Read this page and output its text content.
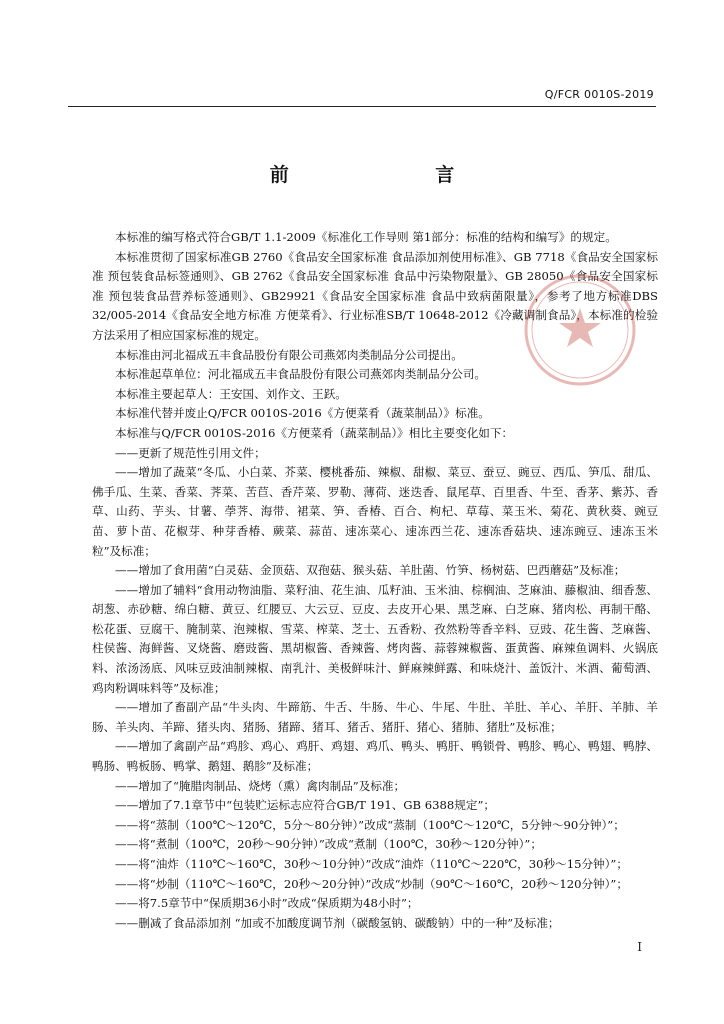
Q/FCR 0010S-2019
前 言

本标准的编写格式符合GB/T 1.1-2009《标准化工作导则 第1部分：标准的结构和编写》的规定。

本标准贯彻了国家标准GB 2760《食品安全国家标准 食品添加剂使用标准》、GB 7718《食品安全国家标准 预包装食品标签通则》、GB 2762《食品安全国家标准 食品中污染物限量》、GB 28050《食品安全国家标准 预包装食品营养标签通则》、GB29921《食品安全国家标准 食品中致病菌限量》，参考了地方标准DBS 32/005-2014《食品安全地方标准 方便菜肴》、行业标准SB/T 10648-2012《冷藏调制食品》，本标准的检验方法采用了相应国家标准的规定。

本标准由河北福成五丰食品股份有限公司燕郊肉类制品分公司提出。

本标准起草单位：河北福成五丰食品股份有限公司燕郊肉类制品分公司。

本标准主要起草人：王安国、刘作文、王跃。

本标准代替并废止Q/FCR 0010S-2016《方便菜肴（蔬菜制品）》标准。

本标准与Q/FCR 0010S-2016《方便菜肴（蔬菜制品）》相比主要变化如下：

——更新了规范性引用文件；

——增加了蔬菜“冬瓜、小白菜、芥菜、樱桃番茄、辣椒、甜椒、菜豆、蚕豆、豌豆、西瓜、笋瓜、甜瓜、佛手瓜、生菜、香菜、荠菜、苦苣、香芹菜、罗勒、薄荷、迷迭香、鼠尾草、百里香、牛至、香茅、紫苏、香草、山药、芋头、甘薯、荸荠、海带、裙菜、笋、香椿、百合、枸杞、草莓、菜玉米、菊花、黄秋葵、豌豆苗、萝卜苗、花椒芽、种芽香椿、蕨菜、蒜苗、速冻菜心、速冻西兰花、速冻香菇块、速冻豌豆、速冻玉米粒”及标准；

——增加了食用菌“白灵菇、金顶菇、双孢菇、猴头菇、羊肚菌、竹笋、杨树菇、巴西蘑菇”及标准；

——增加了辅料“食用动物油脂、菜籽油、花生油、瓜籽油、玉米油、棕榈油、芝麻油、藤椒油、细香葱、胡葱、赤砂糖、绵白糖、黄豆、红腰豆、大云豆、豆皮、去皮开心果、黑芝麻、白芝麻、猪肉松、再制干酪、松花蛋、豆腐干、腌制菜、泡辣椒、雪菜、榨菜、芝士、五香粉、孜然粉等香辛料、豆豉、花生酱、芝麻酱、柱侯酱、海鲜酱、叉烧酱、磨豉酱、黑胡椒酱、香辣酱、烤肉酱、蒜蓉辣椒酱、蛋黄酱、麻辣鱼调料、火锅底料、浓汤汤底、风味豆豉油制辣椒、南乳汁、美极鲜味汁、鲜麻辣鲜露、和味烧汁、盖饭汁、米酒、葡萄酒、鸡肉粉调味料等”及标准；

——增加了畜副产品“牛头肉、牛蹄筋、牛舌、牛肠、牛心、牛尾、牛肚、羊肚、羊心、羊肝、羊肺、羊肠、羊头肉、羊蹄、猪头肉、猪肠、猪蹄、猪耳、猪舌、猪肝、猪心、猪肺、猪肚”及标准；

——增加了禽副产品“鸡胗、鸡心、鸡肝、鸡翅、鸡爪、鸭头、鸭肝、鸭锁骨、鸭胗、鸭心、鸭翅、鸭脖、鸭肠、鸭板肠、鸭掌、鹅翅、鹅胗”及标准；

——增加了“腌腊肉制品、烧烤（熏）禽肉制品”及标准；

——增加了7.1章节中“包装贮运标志应符合GB/T 191、GB 6388规定”；

——将“蒸制（100℃～120℃，5分～80分钟）”改成“蒸制（100℃～120℃，5分钟～90分钟）”；

——将“煮制（100℃，20秒～90分钟）”改成“煮制（100℃，30秒～120分钟）”；

——将“油炸（110℃～160℃，30秒～10分钟）”改成“油炸（110℃～220℃，30秒～15分钟）”；

——将“炒制（110℃～160℃，20秒～20分钟）”改成“炒制（90℃～160℃，20秒～120分钟）”；

——将7.5章节中“保质期36小时”改成“保质期为48小时”；

——删减了食品添加剂 “加或不加酸度调节剂（碳酸氢钠、碳酸钠）中的一种”及标准；

I
